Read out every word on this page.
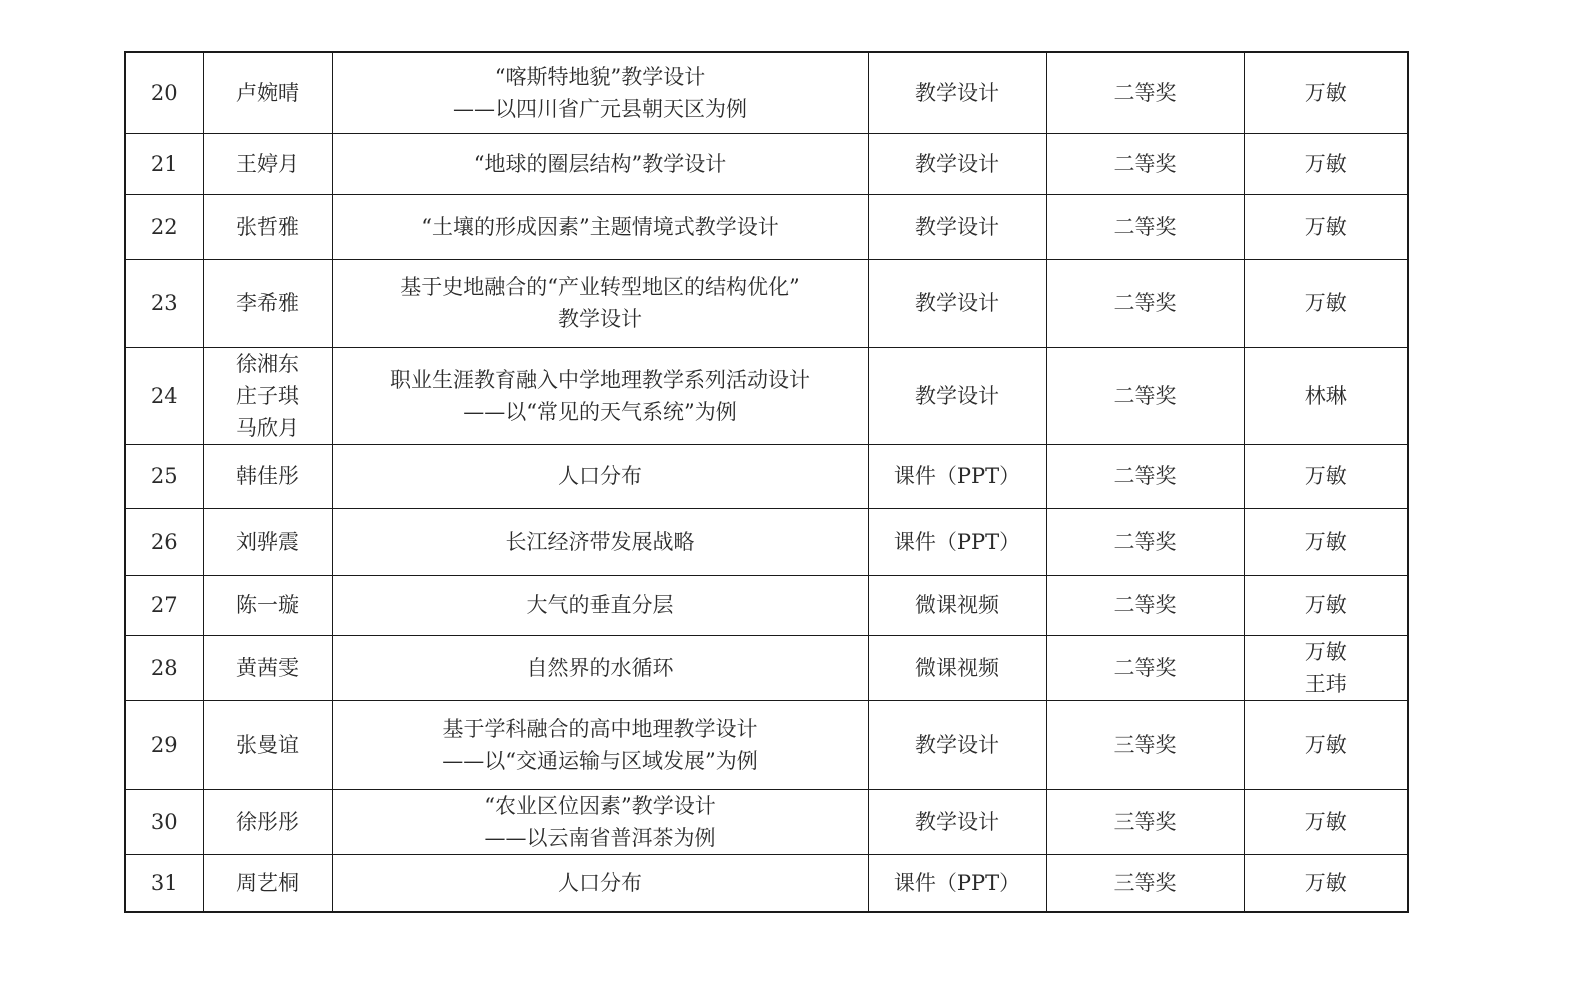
20	卢婉晴	“喀斯特地貌”教学设计
——以四川省广元县朝天区为例	教学设计	二等奖	万敏

21	王婷月	“地球的圈层结构”教学设计	教学设计	二等奖	万敏

22	张哲雅	“土壤的形成因素”主题情境式教学设计	教学设计	二等奖	万敏

23	李希雅	基于史地融合的“产业转型地区的结构优化”
教学设计	教学设计	二等奖	万敏

24	徐湘东
庄子琪
马欣月	职业生涯教育融入中学地理教学系列活动设计
——以“常见的天气系统”为例	教学设计	二等奖	林琳

25	韩佳彤	人口分布	课件（PPT）	二等奖	万敏

26	刘骅震	长江经济带发展战略	课件（PPT）	二等奖	万敏

27	陈一璇	大气的垂直分层	微课视频	二等奖	万敏

28	黄茜雯	自然界的水循环	微课视频	二等奖	万敏
王玮

29	张曼谊	基于学科融合的高中地理教学设计
——以“交通运输与区域发展”为例	教学设计	三等奖	万敏

30	徐彤彤	“农业区位因素”教学设计
——以云南省普洱茶为例	教学设计	三等奖	万敏

31	周艺桐	人口分布	课件（PPT）	三等奖	万敏
